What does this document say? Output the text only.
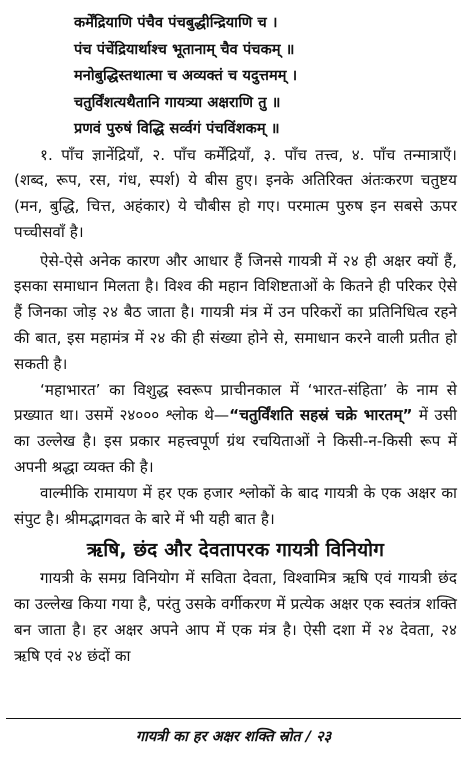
कर्मेंद्रियाणि पंचैव पंचबुद्धीन्द्रियाणि च ।
पंच पंचेंद्रियार्थाश्च भूतानाम् चैव पंचकम् ॥
मनोबुद्धिस्तथात्मा च अव्यक्तं च यदुत्तमम् ।
चतुर्विंशत्यथैतानि गायत्र्या अक्षराणि तु ॥
प्रणवं पुरुषं विद्धि सर्व्वगं पंचविंशकम् ॥

१. पाँच ज्ञानेंद्रियाँ, २. पाँच कर्मेंद्रियाँ, ३. पाँच तत्त्व, ४. पाँच तन्मात्राएँ। (शब्द, रूप, रस, गंध, स्पर्श) ये बीस हुए। इनके अतिरिक्त अंतःकरण चतुष्टय (मन, बुद्धि, चित्त, अहंकार) ये चौबीस हो गए। परमात्म पुरुष इन सबसे ऊपर पच्चीसवाँ है।

ऐसे-ऐसे अनेक कारण और आधार हैं जिनसे गायत्री में २४ ही अक्षर क्यों हैं, इसका समाधान मिलता है। विश्व की महान विशिष्टताओं के कितने ही परिकर ऐसे हैं जिनका जोड़ २४ बैठ जाता है। गायत्री मंत्र में उन परिकरों का प्रतिनिधित्व रहने की बात, इस महामंत्र में २४ की ही संख्या होने से, समाधान करने वाली प्रतीत हो सकती है।

‘महाभारत’ का विशुद्ध स्वरूप प्राचीनकाल में ‘भारत-संहिता’ के नाम से प्रख्यात था। उसमें २४००० श्लोक थे—“चतुर्विंशति सहस्रं चक्रे भारतम्” में उसी का उल्लेख है। इस प्रकार महत्त्वपूर्ण ग्रंथ रचयिताओं ने किसी-न-किसी रूप में अपनी श्रद्धा व्यक्त की है।

वाल्मीकि रामायण में हर एक हजार श्लोकों के बाद गायत्री के एक अक्षर का संपुट है। श्रीमद्भागवत के बारे में भी यही बात है।

ऋषि, छंद और देवतापरक गायत्री विनियोग

गायत्री के समग्र विनियोग में सविता देवता, विश्वामित्र ऋषि एवं गायत्री छंद का उल्लेख किया गया है, परंतु उसके वर्गीकरण में प्रत्येक अक्षर एक स्वतंत्र शक्ति बन जाता है। हर अक्षर अपने आप में एक मंत्र है। ऐसी दशा में २४ देवता, २४ ऋषि एवं २४ छंदों का

गायत्री का हर अक्षर शक्ति स्रोत / २३
